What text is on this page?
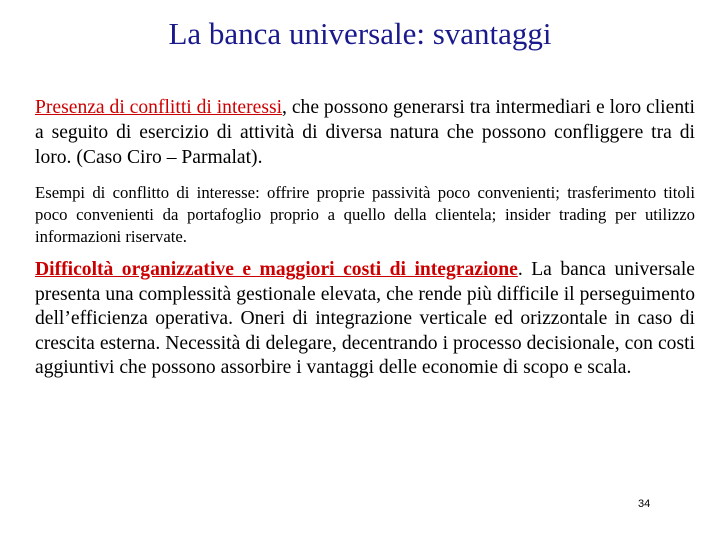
La banca universale: svantaggi
Presenza di conflitti di interessi, che possono generarsi tra intermediari e loro clienti a seguito di esercizio di attività di diversa natura che possono confliggere tra di loro. (Caso Ciro – Parmalat).
Esempi di conflitto di interesse: offrire proprie passività poco convenienti; trasferimento titoli poco convenienti da portafoglio proprio a quello della clientela; insider trading per utilizzo informazioni riservate.
Difficoltà organizzative e maggiori costi di integrazione. La banca universale presenta una complessità gestionale elevata, che rende più difficile il perseguimento dell’efficienza operativa. Oneri di integrazione verticale ed orizzontale in caso di crescita esterna. Necessità di delegare, decentrando i processo decisionale, con costi aggiuntivi che possono assorbire i vantaggi delle economie di scopo e scala.
34
